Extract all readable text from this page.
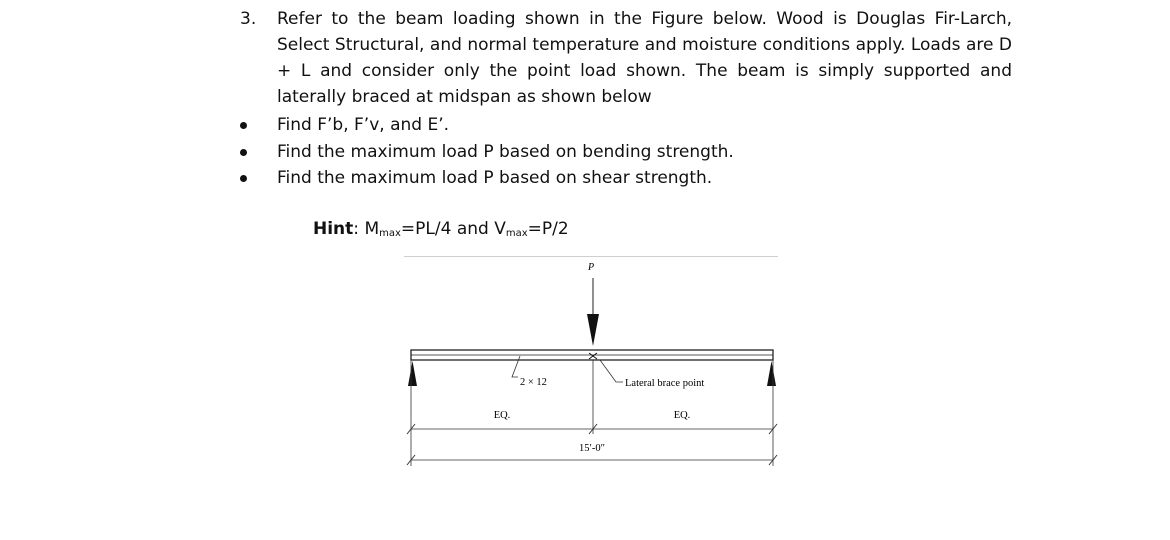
3. Refer to the beam loading shown in the Figure below. Wood is Douglas Fir-Larch, Select Structural, and normal temperature and moisture conditions apply. Loads are D + L and consider only the point load shown. The beam is simply supported and laterally braced at midspan as shown below
Find F’b, F’v, and E’.
Find the maximum load P based on bending strength.
Find the maximum load P based on shear strength.
Hint: $M_{max}=PL/4$ and $V_{max}=P/2$
P
2 × 12	Lateral brace point
EQ.	EQ.
15′-0″
